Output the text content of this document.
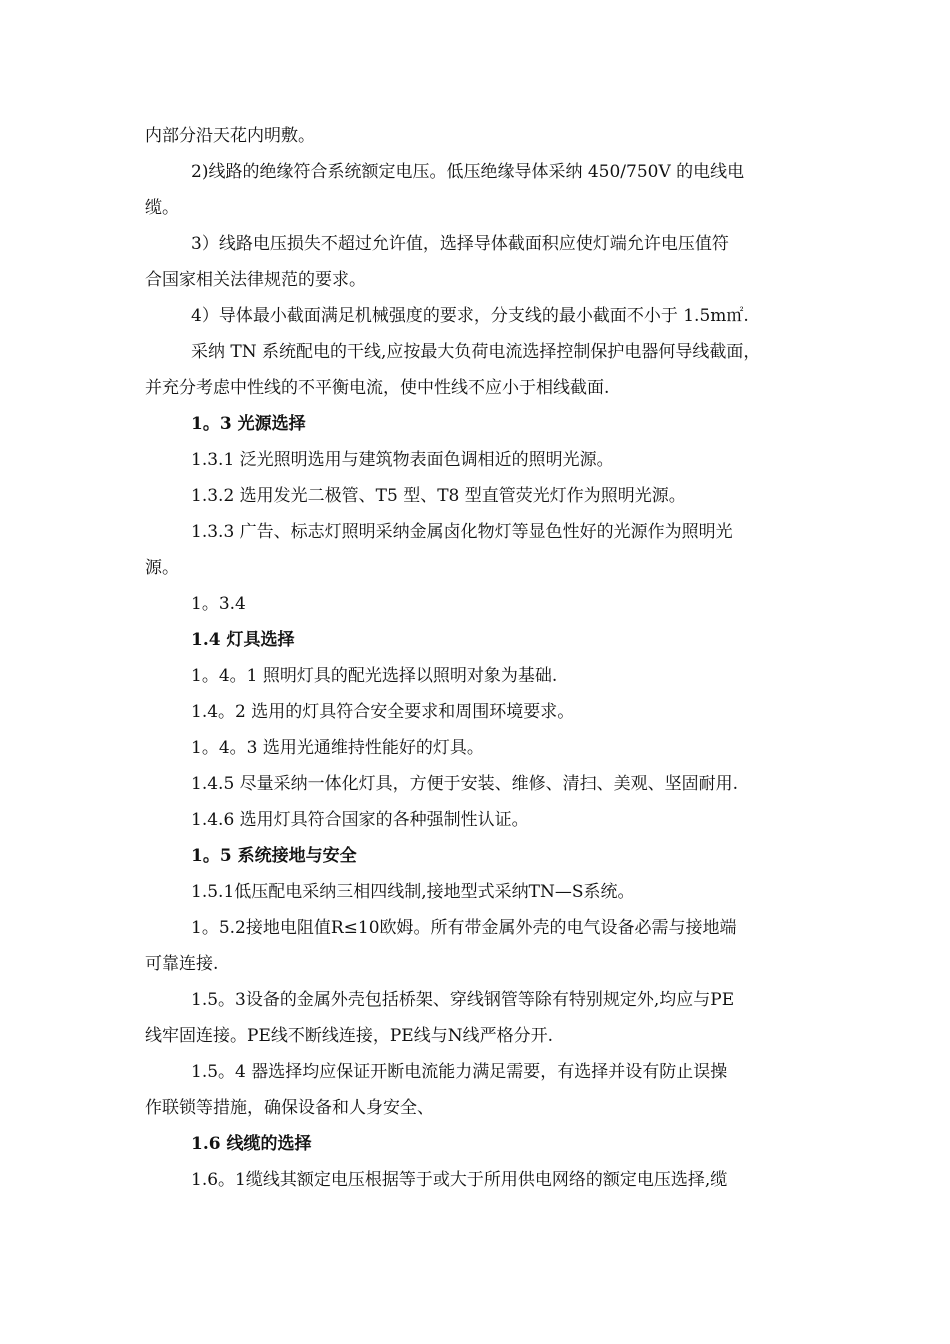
内部分沿天花内明敷。
2)线路的绝缘符合系统额定电压。低压绝缘导体采纳 450/750V 的电线电
缆。
3）线路电压损失不超过允许值，选择导体截面积应使灯端允许电压值符
合国家相关法律规范的要求。
4）导体最小截面满足机械强度的要求，分支线的最小截面不小于 1.5m㎡.
采纳 TN 系统配电的干线,应按最大负荷电流选择控制保护电器何导线截面，
并充分考虑中性线的不平衡电流，使中性线不应小于相线截面.
1。3 光源选择
1.3.1 泛光照明选用与建筑物表面色调相近的照明光源。
1.3.2 选用发光二极管、T5 型、T8 型直管荧光灯作为照明光源。
1.3.3 广告、标志灯照明采纳金属卤化物灯等显色性好的光源作为照明光
源。
1。3.4
1.4 灯具选择
1。4。1 照明灯具的配光选择以照明对象为基础.
1.4。2 选用的灯具符合安全要求和周围环境要求。
1。4。3 选用光通维持性能好的灯具。
1.4.5 尽量采纳一体化灯具，方便于安装、维修、清扫、美观、坚固耐用.
1.4.6 选用灯具符合国家的各种强制性认证。
1。5 系统接地与安全
1.5.1低压配电采纳三相四线制,接地型式采纳TN—S系统。
1。5.2接地电阻值R≤10欧姆。所有带金属外壳的电气设备必需与接地端
可靠连接.
1.5。3设备的金属外壳包括桥架、穿线钢管等除有特别规定外,均应与PE
线牢固连接。PE线不断线连接，PE线与N线严格分开.
1.5。4 器选择均应保证开断电流能力满足需要，有选择并设有防止误操
作联锁等措施，确保设备和人身安全、
1.6 线缆的选择
1.6。1缆线其额定电压根据等于或大于所用供电网络的额定电压选择,缆
